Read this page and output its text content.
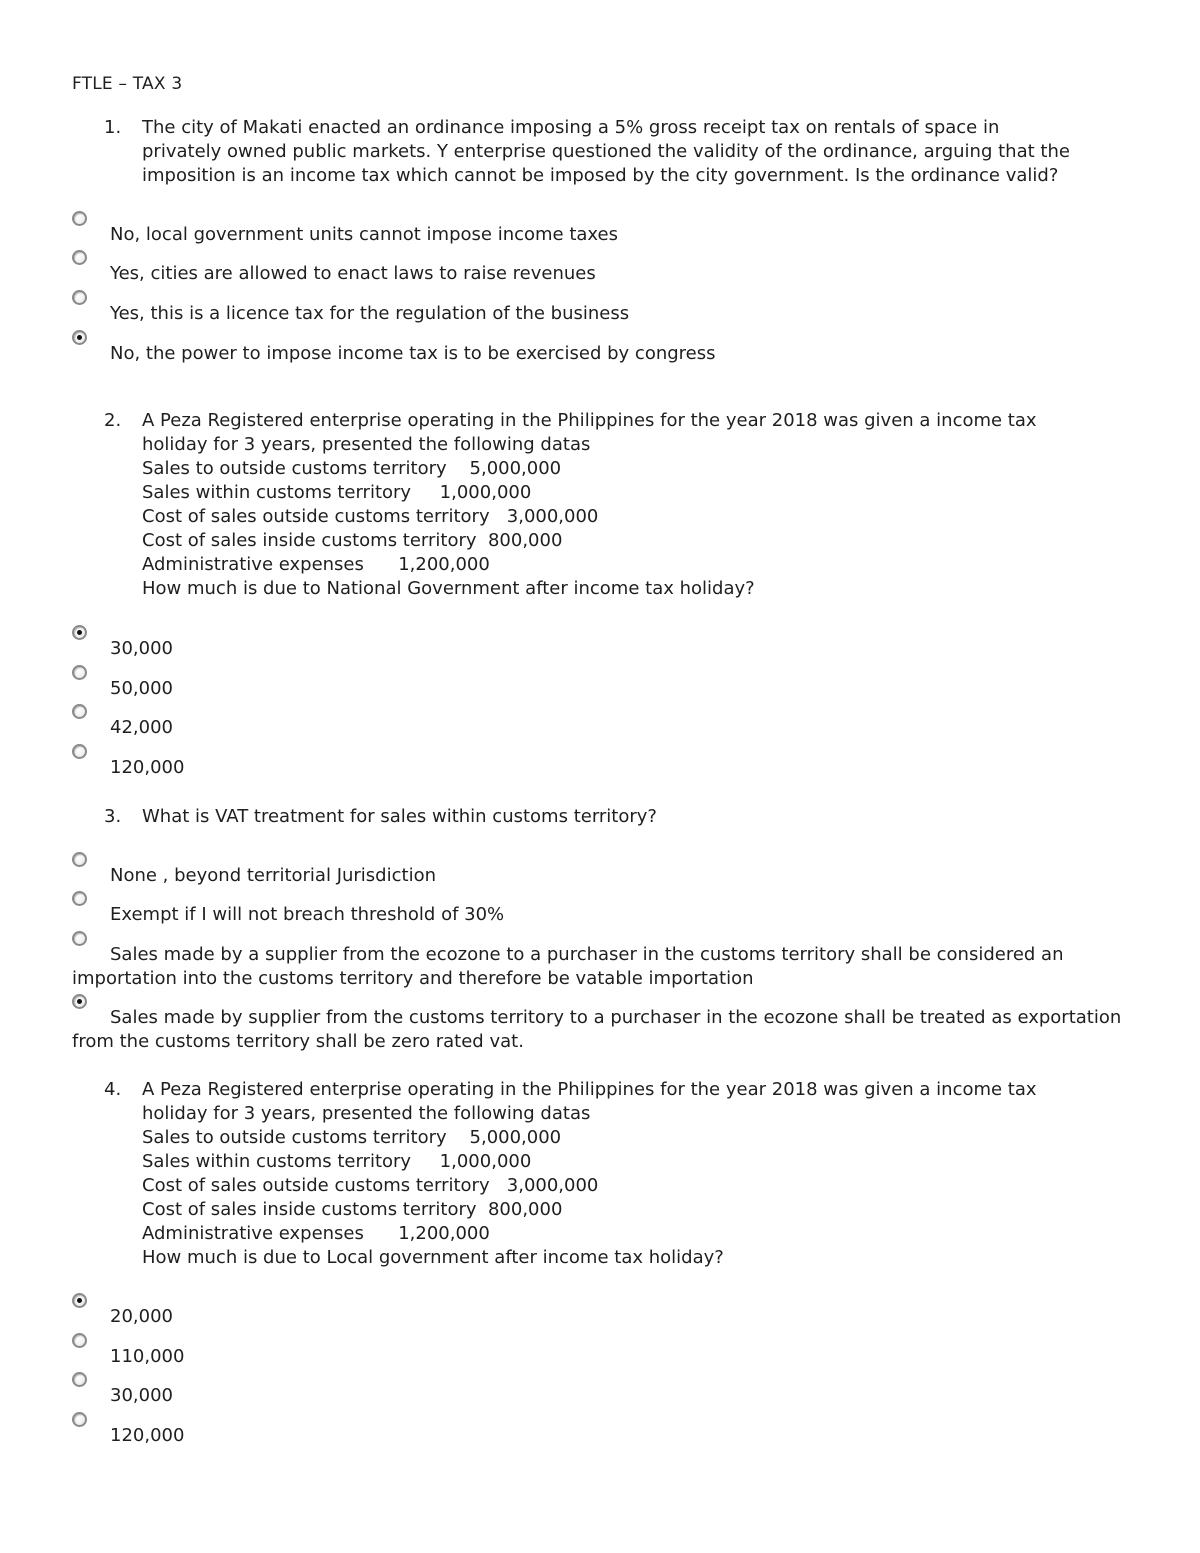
FTLE – TAX 3
1.	The city of Makati enacted an ordinance imposing a 5% gross receipt tax on rentals of space in
privately owned public markets. Y enterprise questioned the validity of the ordinance, arguing that the
imposition is an income tax which cannot be imposed by the city government. Is the ordinance valid?
No, local government units cannot impose income taxes
Yes, cities are allowed to enact laws to raise revenues
Yes, this is a licence tax for the regulation of the business
No, the power to impose income tax is to be exercised by congress
2.	A Peza Registered enterprise operating in the Philippines for the year 2018 was given a income tax
holiday for 3 years, presented the following datas
Sales to outside customs territory    5,000,000
Sales within customs territory     1,000,000
Cost of sales outside customs territory   3,000,000
Cost of sales inside customs territory  800,000
Administrative expenses      1,200,000
How much is due to National Government after income tax holiday?
30,000
50,000
42,000
120,000
3.	What is VAT treatment for sales within customs territory?
None , beyond territorial Jurisdiction
Exempt if I will not breach threshold of 30%
Sales made by a supplier from the ecozone to a purchaser in the customs territory shall be considered an importation into the customs territory and therefore be vatable importation
Sales made by supplier from the customs territory to a purchaser in the ecozone shall be treated as exportation from the customs territory shall be zero rated vat.
4.	A Peza Registered enterprise operating in the Philippines for the year 2018 was given a income tax
holiday for 3 years, presented the following datas
Sales to outside customs territory    5,000,000
Sales within customs territory     1,000,000
Cost of sales outside customs territory   3,000,000
Cost of sales inside customs territory  800,000
Administrative expenses      1,200,000
How much is due to Local government after income tax holiday?
20,000
110,000
30,000
120,000
